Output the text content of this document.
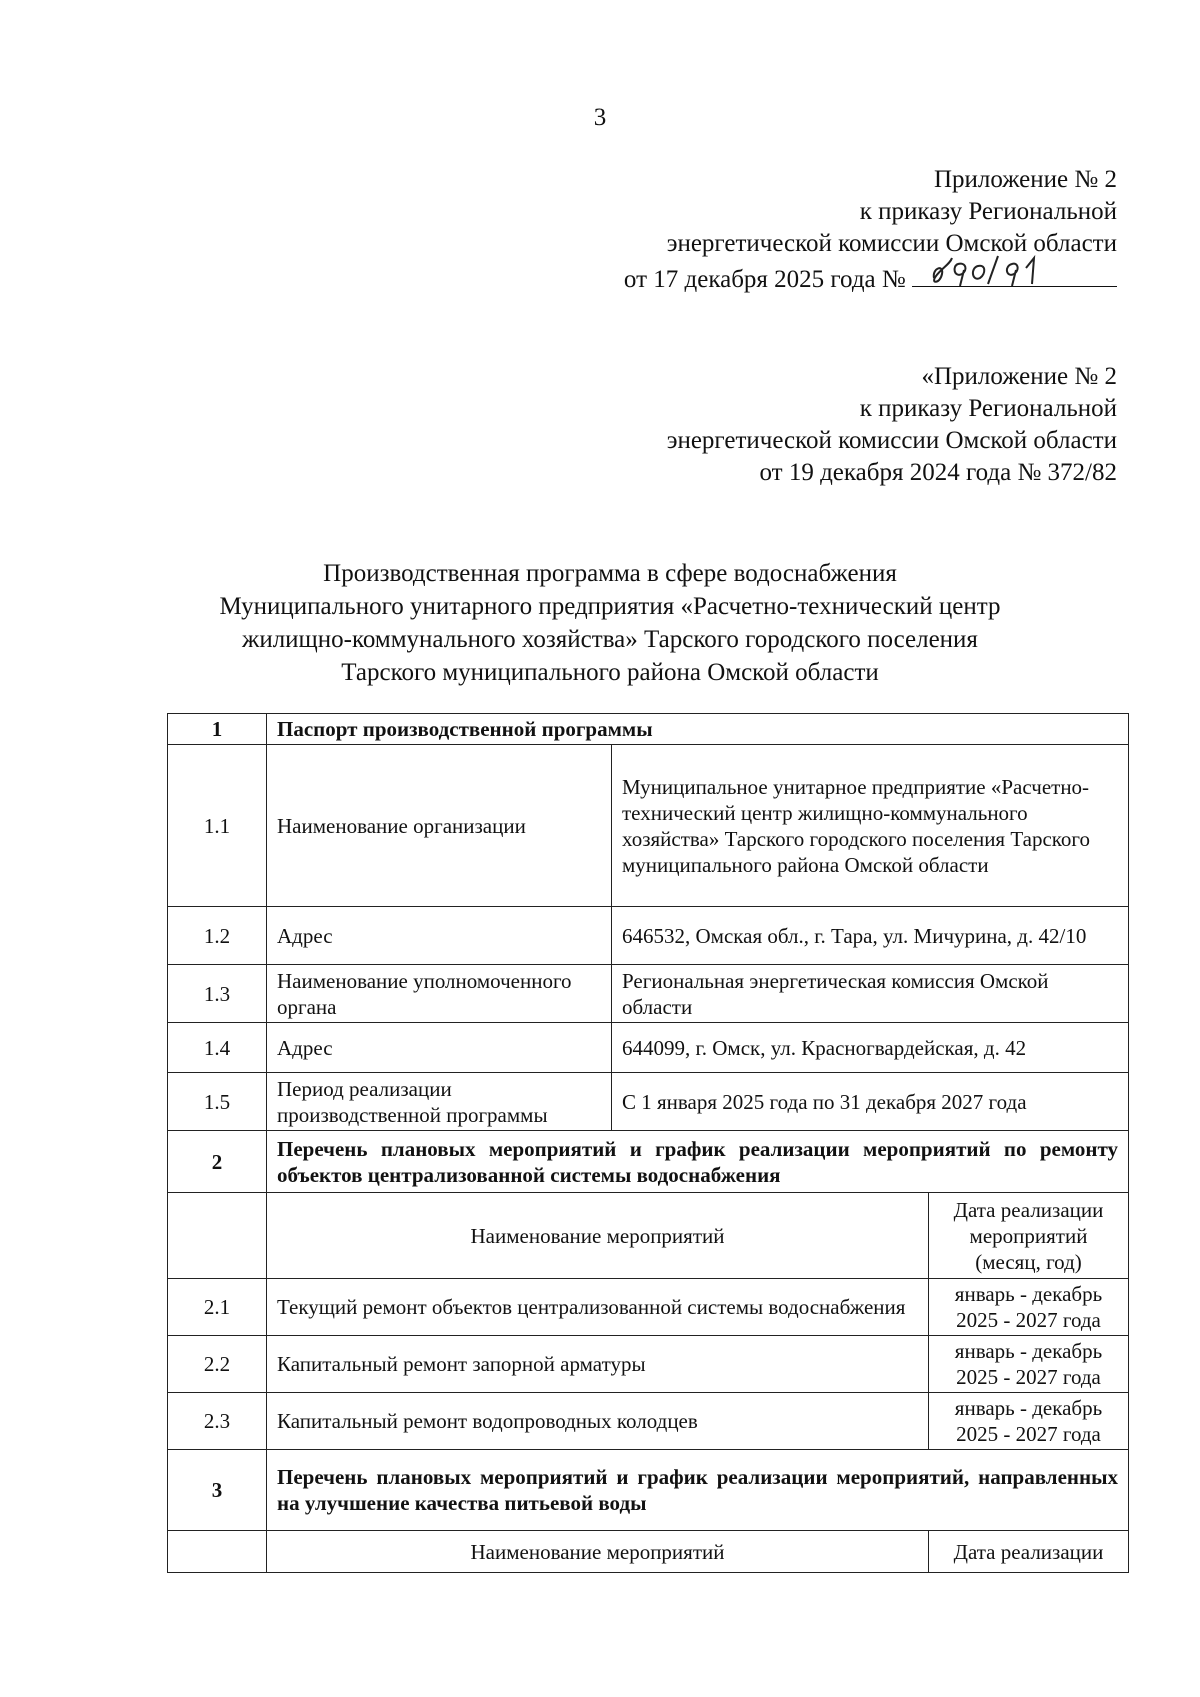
3
Приложение № 2
к приказу Региональной
энергетической комиссии Омской области
от 17 декабря 2025 года №
«Приложение № 2
к приказу Региональной
энергетической комиссии Омской области
от 19 декабря 2024 года № 372/82
Производственная программа в сфере водоснабжения
Муниципального унитарного предприятия «Расчетно-технический центр
жилищно-коммунального хозяйства» Тарского городского поселения
Тарского муниципального района Омской области
1	Паспорт производственной программы		
1.1	Наименование организации	Муниципальное унитарное предприятие «Расчетно-технический центр жилищно-коммунального хозяйства» Тарского городского поселения Тарского муниципального района Омской области	
1.2	Адрес	646532, Омская обл., г. Тара, ул. Мичурина, д. 42/10	
1.3	Наименование уполномоченного органа	Региональная энергетическая комиссия Омской области	
1.4	Адрес	644099, г. Омск, ул. Красногвардейская, д. 42	
1.5	Период реализации производственной программы	С 1 января 2025 года по 31 декабря 2027 года	
2	Перечень плановых мероприятий и график реализации мероприятий по ремонту объектов централизованной системы водоснабжения		
	Наименование мероприятий		Дата реализации мероприятий (месяц, год)
2.1	Текущий ремонт объектов централизованной системы водоснабжения		январь - декабрь 2025 - 2027 года
2.2	Капитальный ремонт запорной арматуры		январь - декабрь 2025 - 2027 года
2.3	Капитальный ремонт водопроводных колодцев		январь - декабрь 2025 - 2027 года
3	Перечень плановых мероприятий и график реализации мероприятий, направленных на улучшение качества питьевой воды		
	Наименование мероприятий		Дата реализации
